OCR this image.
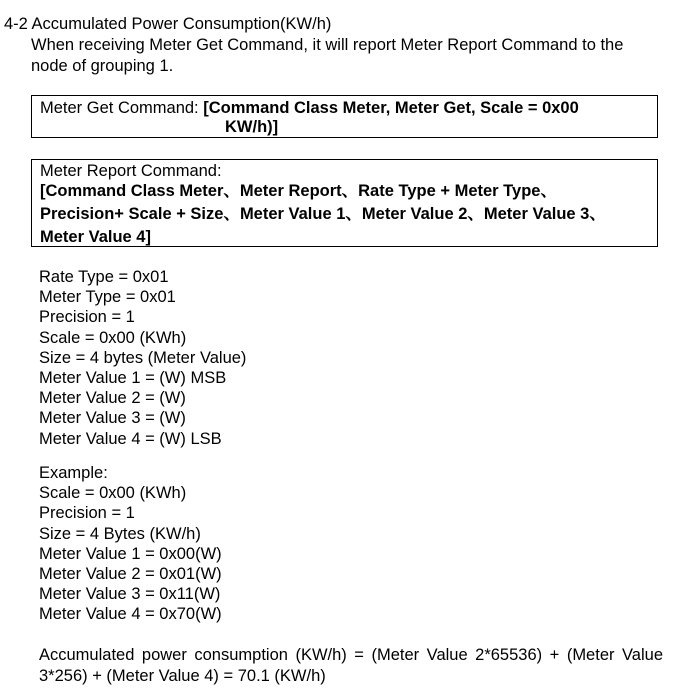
4-2 Accumulated Power Consumption(KW/h)
When receiving Meter Get Command, it will report Meter Report Command to the node of grouping 1.
Meter Get Command: [Command Class Meter, Meter Get, Scale = 0x00
KW/h)]
Meter Report Command:
[Command Class Meter、Meter Report、Rate Type + Meter Type、
Precision+ Scale + Size、Meter Value 1、Meter Value 2、Meter Value 3、
Meter Value 4]
Rate Type = 0x01
Meter Type = 0x01
Precision = 1
Scale = 0x00 (KWh)
Size = 4 bytes (Meter Value)
Meter Value 1 = (W) MSB
Meter Value 2 = (W)
Meter Value 3 = (W)
Meter Value 4 = (W) LSB
Example:
Scale = 0x00 (KWh)
Precision = 1
Size = 4 Bytes (KW/h)
Meter Value 1 = 0x00(W)
Meter Value 2 = 0x01(W)
Meter Value 3 = 0x11(W)
Meter Value 4 = 0x70(W)
Accumulated power consumption (KW/h) = (Meter Value 2*65536) + (Meter Value 3*256) + (Meter Value 4) = 70.1 (KW/h)
